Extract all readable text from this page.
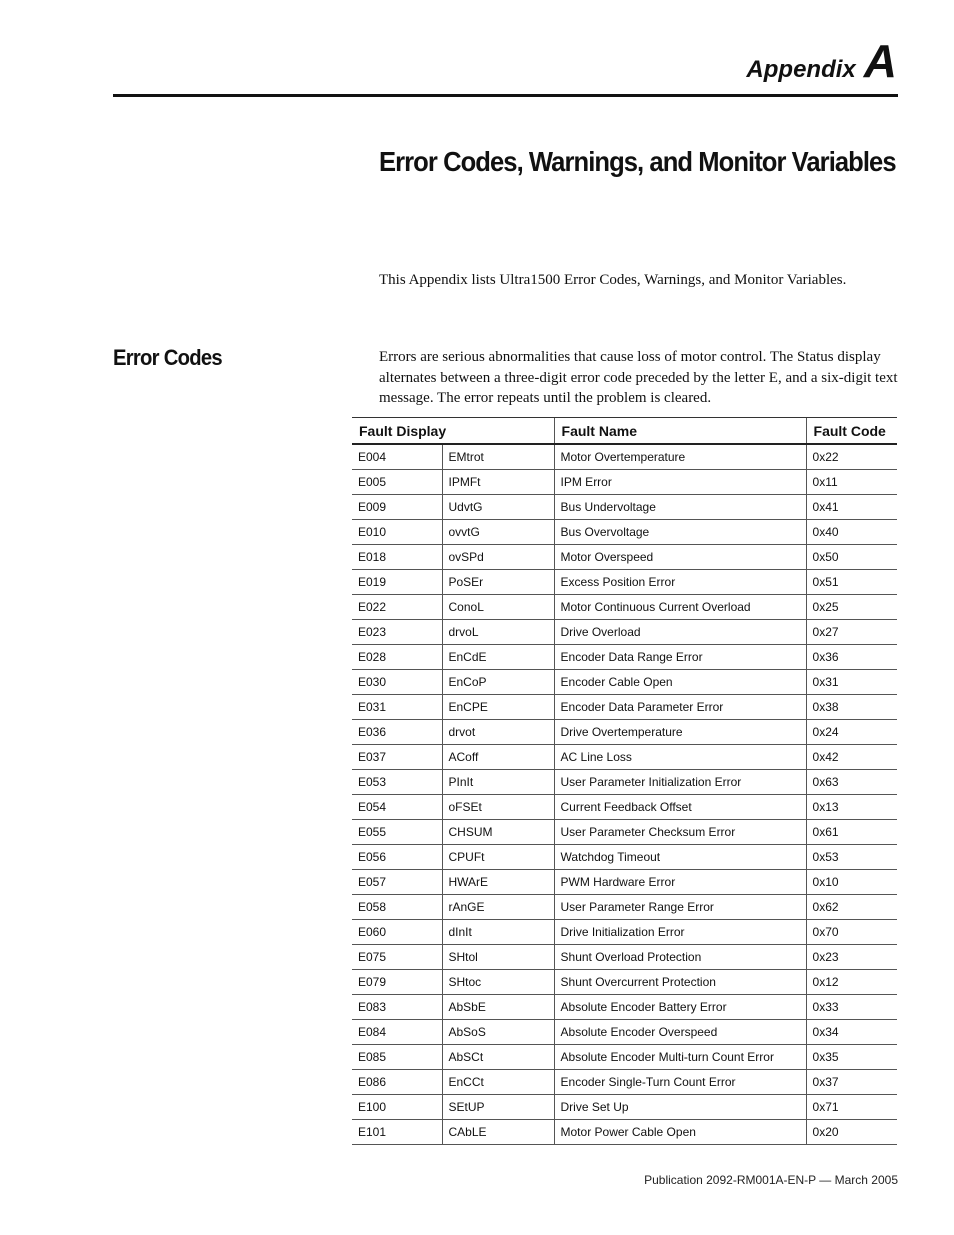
Appendix A
Error Codes, Warnings, and Monitor Variables

This Appendix lists Ultra1500 Error Codes, Warnings, and Monitor Variables.

Error Codes	Errors are serious abnormalities that cause loss of motor control. The Status display alternates between a three-digit error code preceded by the letter E, and a six-digit text message. The error repeats until the problem is cleared.

Fault Display		Fault Name	Fault Code
E004	EMtrot	Motor Overtemperature	0x22
E005	IPMFt	IPM Error	0x11
E009	UdvtG	Bus Undervoltage	0x41
E010	ovvtG	Bus Overvoltage	0x40
E018	ovSPd	Motor Overspeed	0x50
E019	PoSEr	Excess Position Error	0x51
E022	ConoL	Motor Continuous Current Overload	0x25
E023	drvoL	Drive Overload	0x27
E028	EnCdE	Encoder Data Range Error	0x36
E030	EnCoP	Encoder Cable Open	0x31
E031	EnCPE	Encoder Data Parameter Error	0x38
E036	drvot	Drive Overtemperature	0x24
E037	ACoff	AC Line Loss	0x42
E053	PInIt	User Parameter Initialization Error	0x63
E054	oFSEt	Current Feedback Offset	0x13
E055	CHSUM	User Parameter Checksum Error	0x61
E056	CPUFt	Watchdog Timeout	0x53
E057	HWArE	PWM Hardware Error	0x10
E058	rAnGE	User Parameter Range Error	0x62
E060	dInIt	Drive Initialization Error	0x70
E075	SHtol	Shunt Overload Protection	0x23
E079	SHtoc	Shunt Overcurrent Protection	0x12
E083	AbSbE	Absolute Encoder Battery Error	0x33
E084	AbSoS	Absolute Encoder Overspeed	0x34
E085	AbSCt	Absolute Encoder Multi-turn Count Error	0x35
E086	EnCCt	Encoder Single-Turn Count Error	0x37
E100	SEtUP	Drive Set Up	0x71
E101	CAbLE	Motor Power Cable Open	0x20
Publication 2092-RM001A-EN-P — March 2005
